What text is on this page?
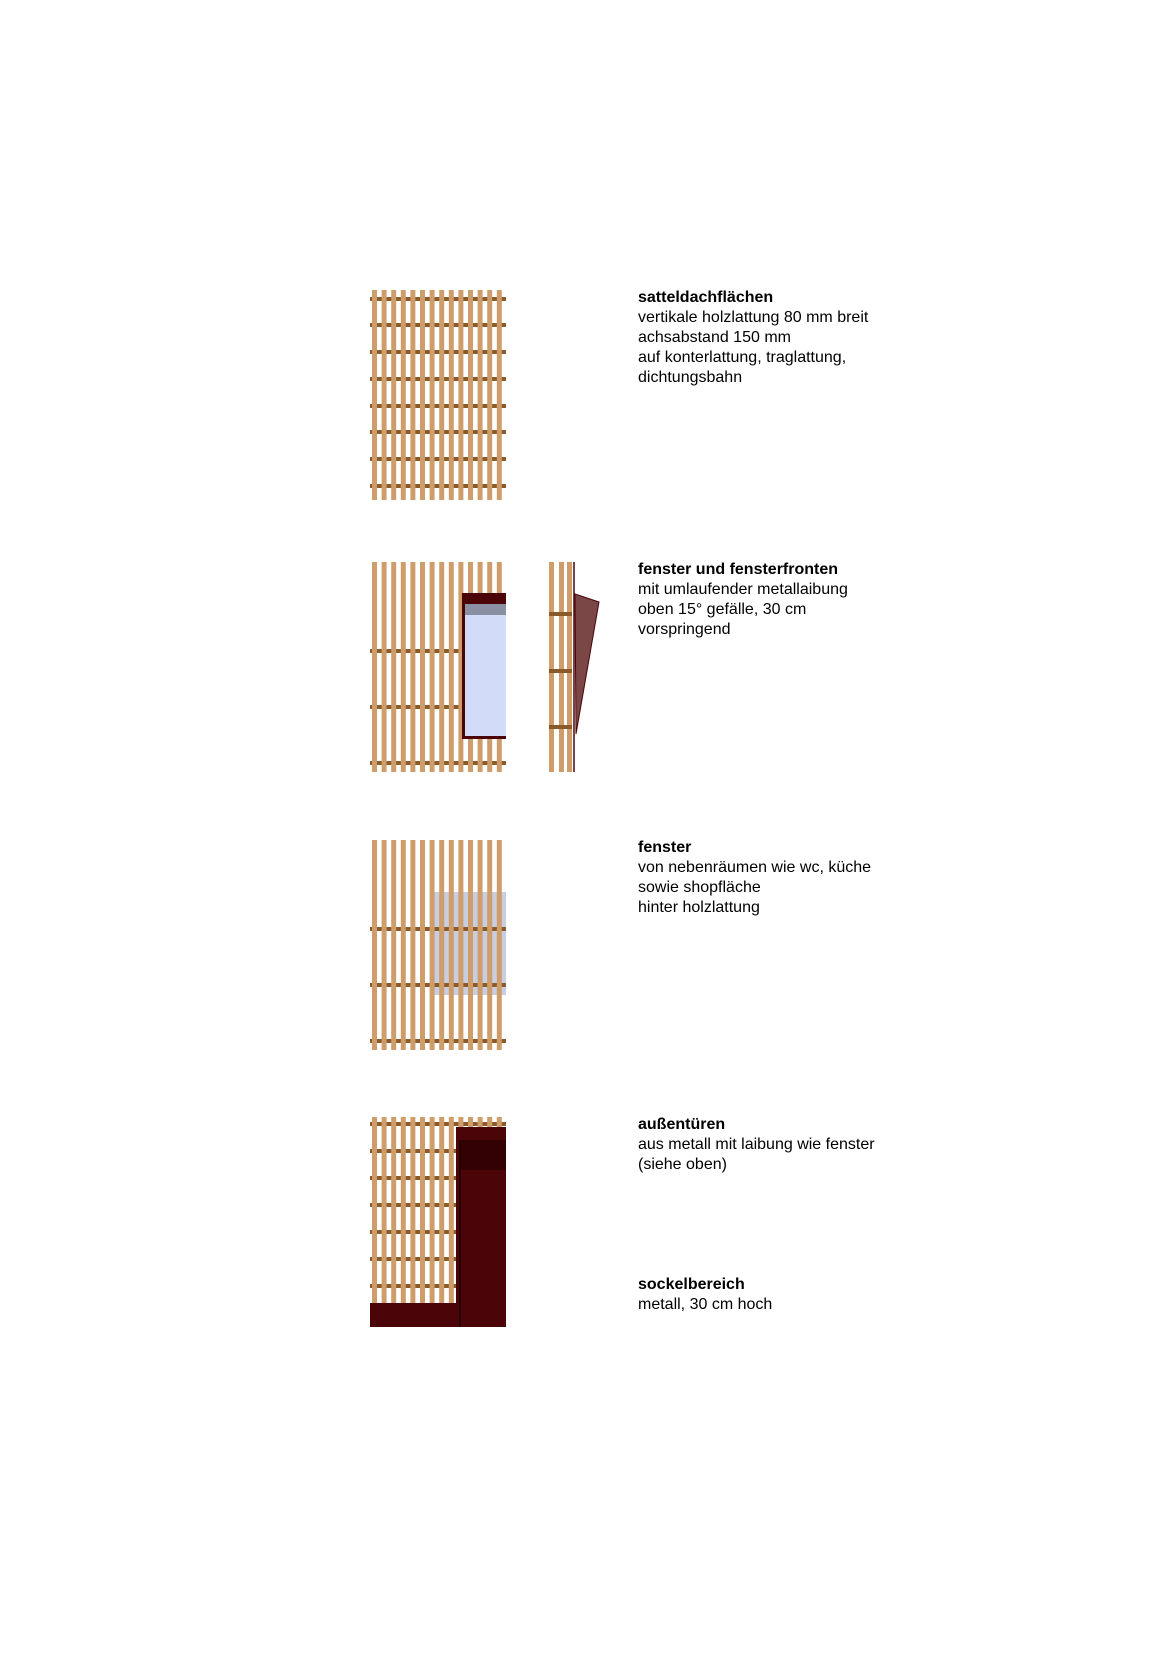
satteldachflächen
vertikale holzlattung 80 mm breit
achsabstand 150 mm
auf konterlattung, traglattung,
dichtungsbahn
fenster und fensterfronten
mit umlaufender metallaibung
oben 15° gefälle, 30 cm
vorspringend
fenster
von nebenräumen wie wc, küche
sowie shopfläche
hinter holzlattung
außentüren
aus metall mit laibung wie fenster
(siehe oben)
sockelbereich
metall, 30 cm hoch
